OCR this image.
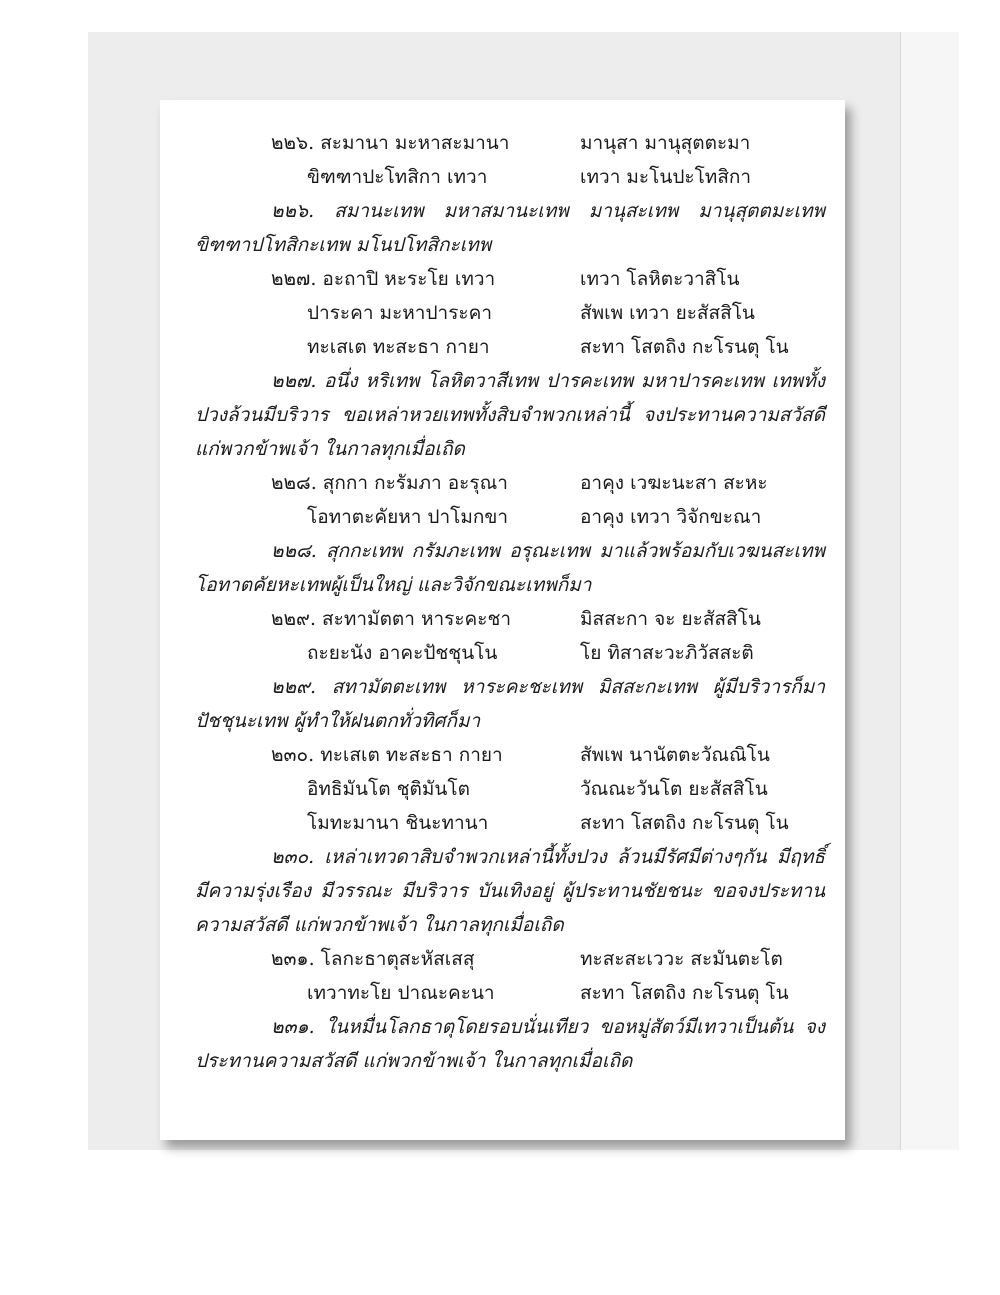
๒๒๖. สะมานา มะหาสะมานา	มานุสา มานุสุตตะมา
ขิฑฑาปะโทสิกา เทวา	เทวา มะโนปะโทสิกา

๒๒๖. สมานะเทพ มหาสมานะเทพ มานุสะเทพ มานุสุตตมะเทพ ขิฑฑาปโทสิกะเทพ มโนปโทสิกะเทพ

๒๒๗. อะถาปิ หะระโย เทวา	เทวา โลหิตะวาสิโน
ปาระคา มะหาปาระคา	สัพเพ เทวา ยะสัสสิโน
ทะเสเต ทะสะธา กายา	สะทา โสตถิง กะโรนตุ โน

๒๒๗. อนึ่ง หริเทพ โลหิตวาสีเทพ ปารคะเทพ มหาปารคะเทพ เทพทั้งปวงล้วนมีบริวาร ขอเหล่าหวยเทพทั้งสิบจำพวกเหล่านี้ จงประทานความสวัสดี แก่พวกข้าพเจ้า ในกาลทุกเมื่อเถิด

๒๒๘. สุกกา กะรัมภา อะรุณา	อาคุง เวฆะนะสา สะหะ
โอทาตะคัยหา ปาโมกขา	อาคุง เทวา วิจักขะณา

๒๒๘. สุกกะเทพ กรัมภะเทพ อรุณะเทพ มาแล้วพร้อมกับเวฆนสะเทพ โอทาตคัยหะเทพผู้เป็นใหญ่ และวิจักขณะเทพก็มา

๒๒๙. สะทามัตตา หาระคะชา	มิสสะกา จะ ยะสัสสิโน
ถะยะนัง อาคะปัชชุนโน	โย ทิสาสะวะภิวัสสะติ

๒๒๙. สทามัตตะเทพ หาระคะชะเทพ มิสสะกะเทพ ผู้มีบริวารก็มา ปัชชุนะเทพ ผู้ทำให้ฝนตกทั่วทิศก็มา

๒๓๐. ทะเสเต ทะสะธา กายา	สัพเพ นานัตตะวัณณิโน
อิทธิมันโต ชุติมันโต	วัณณะวันโต ยะสัสสิโน
โมทะมานา ชินะทานา	สะทา โสตถิง กะโรนตุ โน

๒๓๐. เหล่าเทวดาสิบจำพวกเหล่านี้ทั้งปวง ล้วนมีรัศมีต่างๆกัน มีฤทธิ์ มีความรุ่งเรือง มีวรรณะ มีบริวาร บันเทิงอยู่ ผู้ประทานชัยชนะ ขอจงประทานความสวัสดี แก่พวกข้าพเจ้า ในกาลทุกเมื่อเถิด

๒๓๑. โลกะธาตุสะหัสเสสุ	ทะสะสะเววะ สะมันตะโต
เทวาทะโย ปาณะคะนา	สะทา โสตถิง กะโรนตุ โน

๒๓๑. ในหมื่นโลกธาตุโดยรอบนั่นเทียว ขอหมู่สัตว์มีเทวาเป็นต้น จงประทานความสวัสดี แก่พวกข้าพเจ้า ในกาลทุกเมื่อเถิด
